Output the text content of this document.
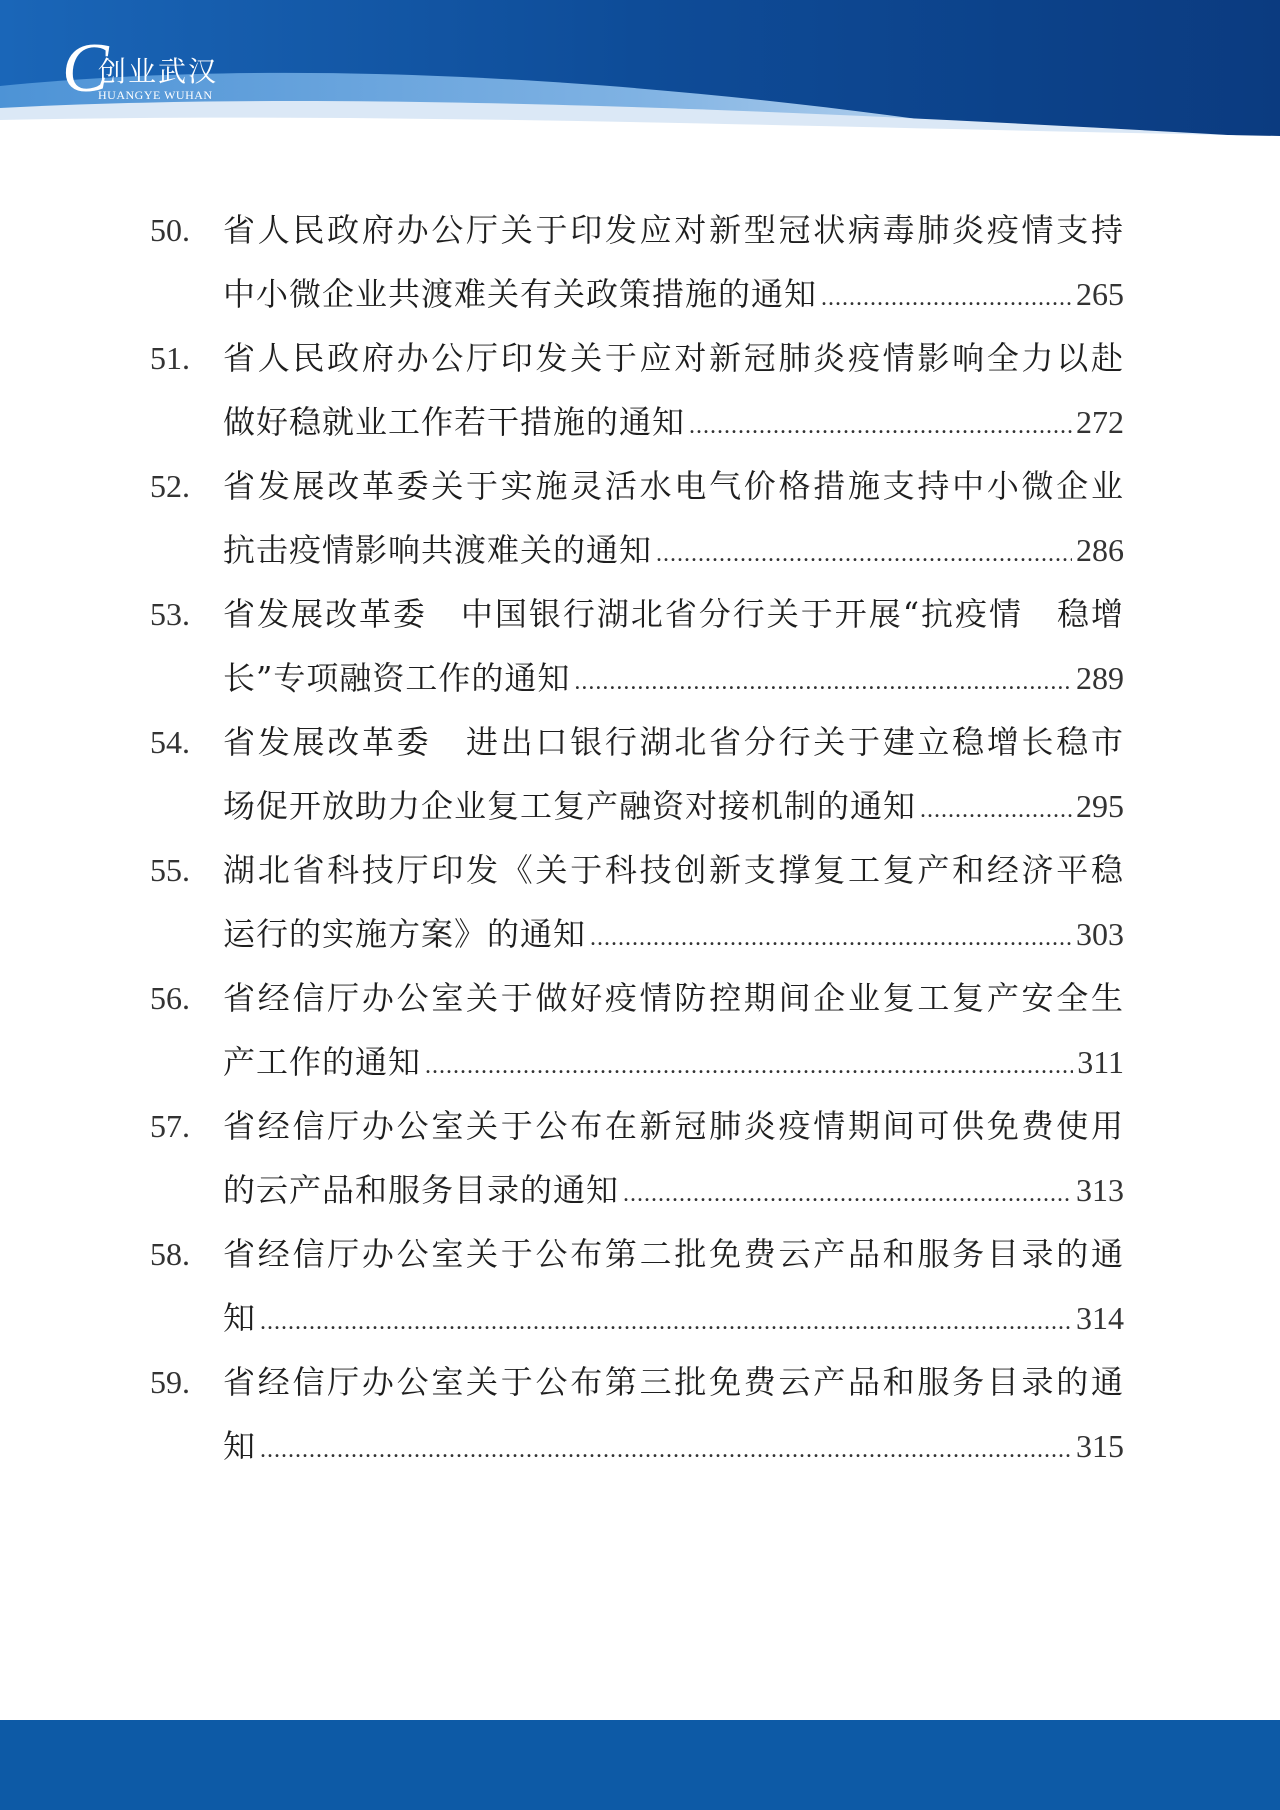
C
创业武汉
HUANGYE WUHAN
50.	省人民政府办公厅关于印发应对新型冠状病毒肺炎疫情支持
中小微企业共渡难关有关政策措施的通知 .....	265
51.	省人民政府办公厅印发关于应对新冠肺炎疫情影响全力以赴
做好稳就业工作若干措施的通知 .....	272
52.	省发展改革委关于实施灵活水电气价格措施支持中小微企业
抗击疫情影响共渡难关的通知 .....	286
53.	省发展改革委　中国银行湖北省分行关于开展“抗疫情　稳增
长”专项融资工作的通知 .....	289
54.	省发展改革委　进出口银行湖北省分行关于建立稳增长稳市
场促开放助力企业复工复产融资对接机制的通知 .....	295
55.	湖北省科技厅印发《关于科技创新支撑复工复产和经济平稳
运行的实施方案》的通知 .....	303
56.	省经信厅办公室关于做好疫情防控期间企业复工复产安全生
产工作的通知 .....	311
57.	省经信厅办公室关于公布在新冠肺炎疫情期间可供免费使用
的云产品和服务目录的通知 .....	313
58.	省经信厅办公室关于公布第二批免费云产品和服务目录的通
知 .....	314
59.	省经信厅办公室关于公布第三批免费云产品和服务目录的通
知 .....	315
